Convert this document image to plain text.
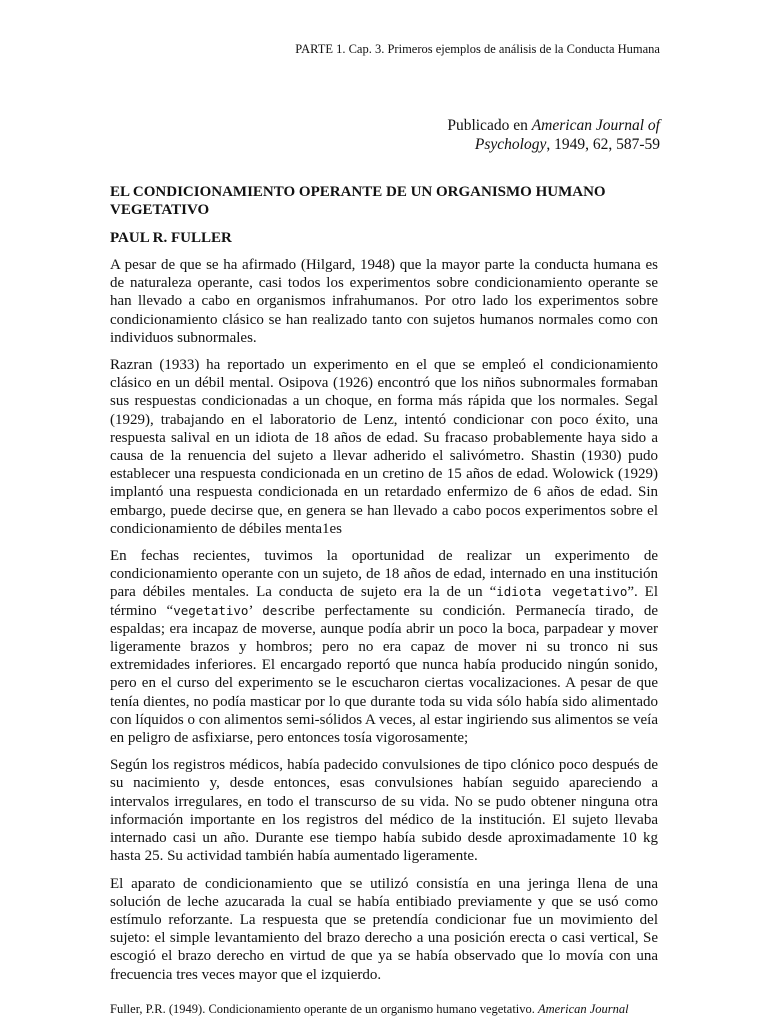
PARTE 1. Cap. 3. Primeros ejemplos de análisis de la Conducta Humana
Publicado en American Journal of
Psychology, 1949, 62, 587-59
EL CONDICIONAMIENTO OPERANTE DE UN ORGANISMO HUMANO VEGETATIVO
PAUL R. FULLER

A pesar de que se ha afirmado (Hilgard, 1948) que la mayor parte la conducta humana es de naturaleza operante, casi todos los experimentos sobre condicionamiento operante se han llevado a cabo en organismos infrahumanos. Por otro lado los experimentos sobre condicionamiento clásico se han realizado tanto con sujetos humanos normales como con individuos subnormales.

Razran (1933) ha reportado un experimento en el que se empleó el condicionamiento clásico en un débil mental. Osipova (1926) encontró que los niños subnormales formaban sus respuestas condicionadas a un choque, en forma más rápida que los normales. Segal (1929), trabajando en el laboratorio de Lenz, intentó condicionar con poco éxito, una respuesta salival en un idiota de 18 años de edad. Su fracaso probablemente haya sido a causa de la renuencia del sujeto a llevar adherido el salivómetro. Shastin (1930) pudo establecer una respuesta condicionada en un cretino de 15 años de edad. Wolowick (1929) implantó una respuesta condicionada en un retardado enfermizo de 6 años de edad. Sin embargo, puede decirse que, en genera se han llevado a cabo pocos experimentos sobre el condicionamiento de débiles menta1es

En fechas recientes, tuvimos la oportunidad de realizar un experimento de condicionamiento operante con un sujeto, de 18 años de edad, internado en una institución para débiles mentales. La conducta de sujeto era la de un “idiota vegetativo”. El término “vegetativo’ describe perfectamente su condición. Permanecía tirado, de espaldas; era incapaz de moverse, aunque podía abrir un poco la boca, parpadear y mover ligeramente brazos y hombros; pero no era capaz de mover ni su tronco ni sus extremidades inferiores. El encargado reportó que nunca había producido ningún sonido, pero en el curso del experimento se le escucharon ciertas vocalizaciones. A pesar de que tenía dientes, no podía masticar por lo que durante toda su vida sólo había sido alimentado con líquidos o con alimentos semi-sólidos A veces, al estar ingiriendo sus alimentos se veía en peligro de asfixiarse, pero entonces tosía vigorosamente;

Según los registros médicos, había padecido convulsiones de tipo clónico poco después de su nacimiento y, desde entonces, esas convulsiones habían seguido apareciendo a intervalos irregulares, en todo el transcurso de su vida. No se pudo obtener ninguna otra información importante en los registros del médico de la institución. El sujeto llevaba internado casi un año. Durante ese tiempo había subido desde aproximadamente 10 kg hasta 25. Su actividad también había aumentado ligeramente.

El aparato de condicionamiento que se utilizó consistía en una jeringa llena de una solución de leche azucarada la cual se había entibiado previamente y que se usó como estímulo reforzante. La respuesta que se pretendía condicionar fue un movimiento del sujeto: el simple levantamiento del brazo derecho a una posición erecta o casi vertical, Se escogió el brazo derecho en virtud de que ya se había observado que lo movía con una frecuencia tres veces mayor que el izquierdo.

Fuller, P.R. (1949). Condicionamiento operante de un organismo humano vegetativo. American Journal
